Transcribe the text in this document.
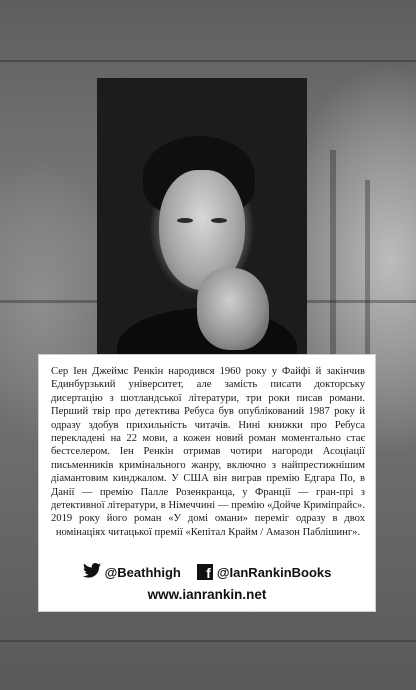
Сер Іен Джеймс Ренкін народився 1960 року у Файфі й закінчив Единбурзький університет, але замість писати докторську дисертацію з шотландської літератури, три роки писав романи. Перший твір про детектива Ребуса був опублікований 1987 року й одразу здобув прихильність читачів. Нині книжки про Ребуса перекладені на 22 мови, а кожен новий роман моментально стає бестселером. Іен Ренкін отримав чотири нагороди Асоціації письменників кримінального жанру, включно з найпрестижнішим діамантовим кинджалом. У США він виграв премію Едгара По, в Данії — премію Палле Розенкранца, у Франції — гран-прі з детективної літератури, в Німеччині — премію «Дойче Кримiпрайс». 2019 року його роман «У домі омани» переміг одразу в двох номінаціях читацької премії «Кепітал Крайм / Амазон Паблішинг».

@Beathhigh	f @IanRankinBooks
www.ianrankin.net
